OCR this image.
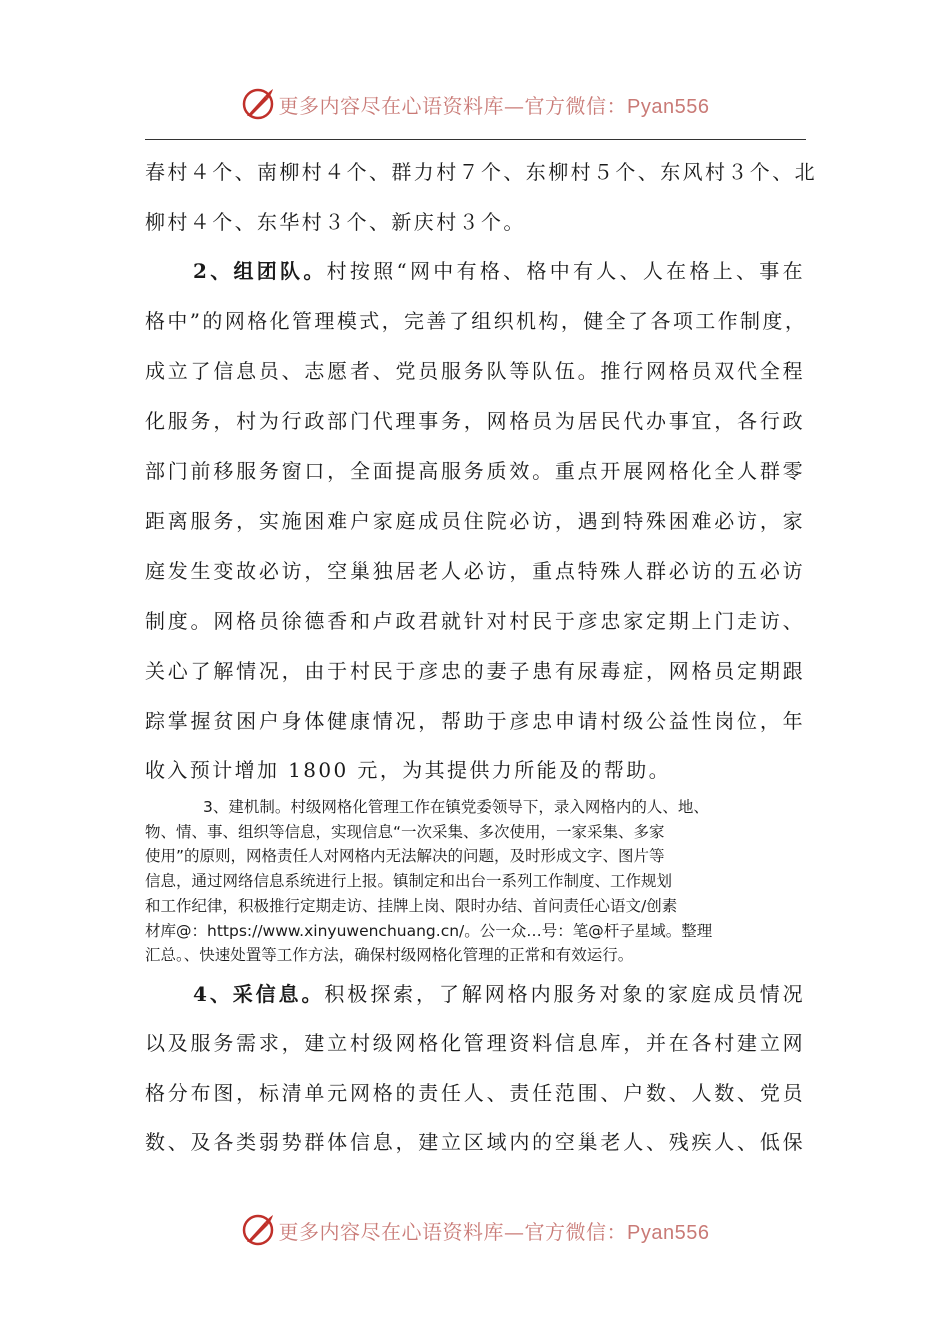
更多内容尽在心语资料库—官方微信：Pyan556
春村４个、南柳村４个、群力村７个、东柳村５个、东风村３个、北
柳村４个、东华村３个、新庆村３个。
2、组团队。村按照“网中有格、格中有人、人在格上、事在
格中”的网格化管理模式，完善了组织机构，健全了各项工作制度，
成立了信息员、志愿者、党员服务队等队伍。推行网格员双代全程
化服务，村为行政部门代理事务，网格员为居民代办事宜，各行政
部门前移服务窗口，全面提高服务质效。重点开展网格化全人群零
距离服务，实施困难户家庭成员住院必访，遇到特殊困难必访，家
庭发生变故必访，空巢独居老人必访，重点特殊人群必访的五必访
制度。网格员徐德香和卢政君就针对村民于彦忠家定期上门走访、
关心了解情况，由于村民于彦忠的妻子患有尿毒症，网格员定期跟
踪掌握贫困户身体健康情况，帮助于彦忠申请村级公益性岗位，年
收入预计增加 1800 元，为其提供力所能及的帮助。
3、建机制。村级网格化管理工作在镇党委领导下，录入网格内的人、地、
物、情、事、组织等信息，实现信息“一次采集、多次使用，一家采集、多家
使用”的原则，网格责任人对网格内无法解决的问题，及时形成文字、图片等
信息，通过网络信息系统进行上报。镇制定和出台一系列工作制度、工作规划
和工作纪律，积极推行定期走访、挂牌上岗、限时办结、首问责任心语文/创素
材库@：https://www.xinyuwenchuang.cn/。公一众…号：笔@杆子星域。整理
汇总。、快速处置等工作方法，确保村级网格化管理的正常和有效运行。
4、采信息。积极探索，了解网格内服务对象的家庭成员情况
以及服务需求，建立村级网格化管理资料信息库，并在各村建立网
格分布图，标清单元网格的责任人、责任范围、户数、人数、党员
数、及各类弱势群体信息，建立区域内的空巢老人、残疾人、低保
更多内容尽在心语资料库—官方微信：Pyan556
